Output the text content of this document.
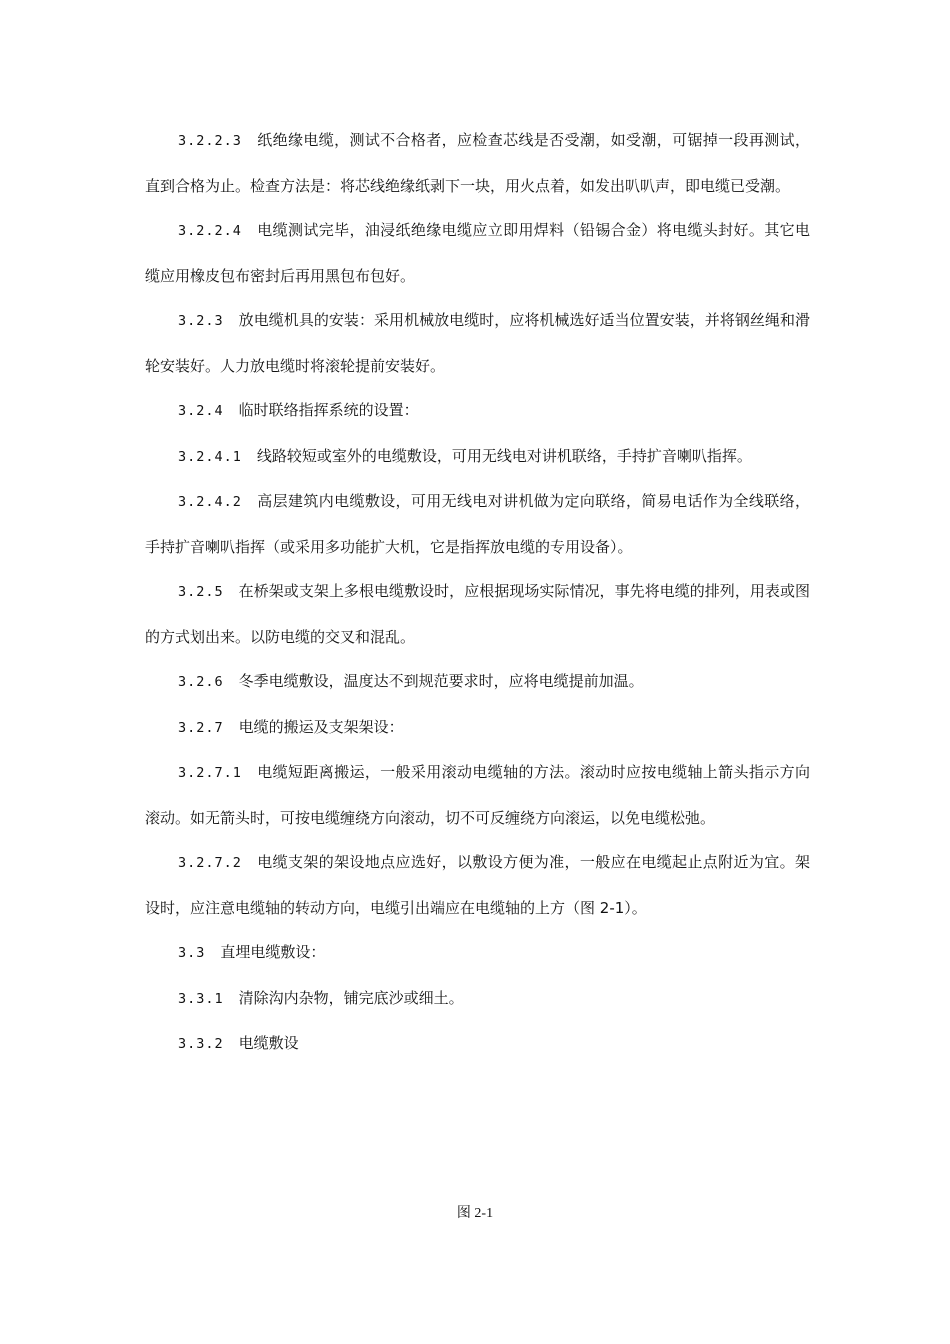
3.2.2.3 纸绝缘电缆，测试不合格者，应检查芯线是否受潮，如受潮，可锯掉一段再测试，直到合格为止。检查方法是：将芯线绝缘纸剥下一块，用火点着，如发出叭叭声，即电缆已受潮。

3.2.2.4 电缆测试完毕，油浸纸绝缘电缆应立即用焊料（铅锡合金）将电缆头封好。其它电缆应用橡皮包布密封后再用黑包布包好。

3.2.3 放电缆机具的安装：采用机械放电缆时，应将机械选好适当位置安装，并将钢丝绳和滑轮安装好。人力放电缆时将滚轮提前安装好。

3.2.4 临时联络指挥系统的设置：

3.2.4.1 线路较短或室外的电缆敷设，可用无线电对讲机联络，手持扩音喇叭指挥。

3.2.4.2 高层建筑内电缆敷设，可用无线电对讲机做为定向联络，简易电话作为全线联络，手持扩音喇叭指挥（或采用多功能扩大机，它是指挥放电缆的专用设备）。

3.2.5 在桥架或支架上多根电缆敷设时，应根据现场实际情况，事先将电缆的排列，用表或图的方式划出来。以防电缆的交叉和混乱。

3.2.6 冬季电缆敷设，温度达不到规范要求时，应将电缆提前加温。

3.2.7 电缆的搬运及支架架设：

3.2.7.1 电缆短距离搬运，一般采用滚动电缆轴的方法。滚动时应按电缆轴上箭头指示方向滚动。如无箭头时，可按电缆缠绕方向滚动，切不可反缠绕方向滚运，以免电缆松弛。

3.2.7.2 电缆支架的架设地点应选好，以敷设方便为准，一般应在电缆起止点附近为宜。架设时，应注意电缆轴的转动方向，电缆引出端应在电缆轴的上方（图 2-1）。

3.3 直埋电缆敷设：

3.3.1 清除沟内杂物，铺完底沙或细土。

3.3.2 电缆敷设

图 2-1
